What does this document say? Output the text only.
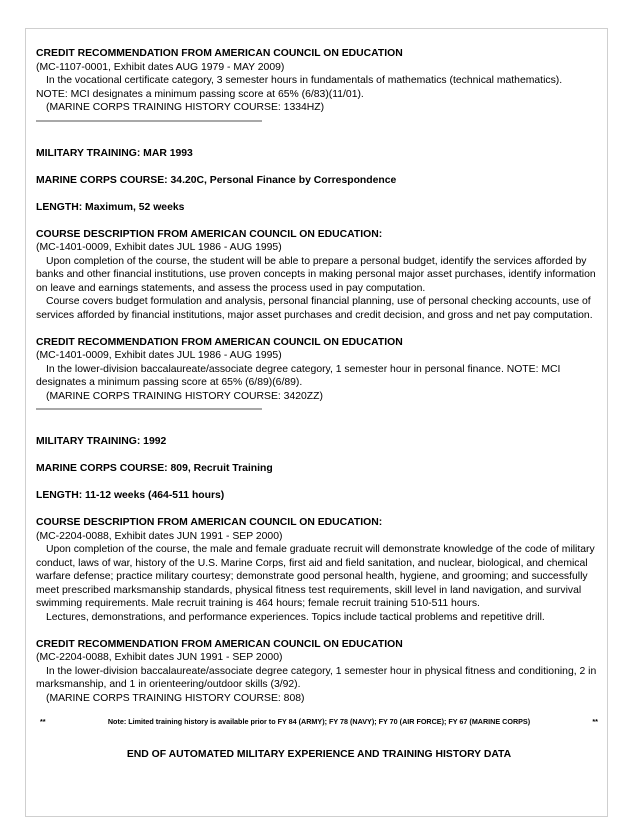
CREDIT RECOMMENDATION FROM AMERICAN COUNCIL ON EDUCATION
(MC-1107-0001, Exhibit dates AUG 1979 - MAY 2009)
In the vocational certificate category, 3 semester hours in fundamentals of mathematics (technical mathematics).
NOTE: MCI designates a minimum passing score at 65% (6/83)(11/01).
(MARINE CORPS TRAINING HISTORY COURSE: 1334HZ)
MILITARY TRAINING: MAR 1993
MARINE CORPS COURSE: 34.20C, Personal Finance by Correspondence
LENGTH: Maximum, 52 weeks
COURSE DESCRIPTION FROM AMERICAN COUNCIL ON EDUCATION:
(MC-1401-0009, Exhibit dates JUL 1986 - AUG 1995)
Upon completion of the course, the student will be able to prepare a personal budget, identify the services afforded by banks and other financial institutions, use proven concepts in making personal major asset purchases, identify information on leave and earnings statements, and assess the process used in pay computation.
Course covers budget formulation and analysis, personal financial planning, use of personal checking accounts, use of services afforded by financial institutions, major asset purchases and credit decision, and gross and net pay computation.
CREDIT RECOMMENDATION FROM AMERICAN COUNCIL ON EDUCATION
(MC-1401-0009, Exhibit dates JUL 1986 - AUG 1995)
In the lower-division baccalaureate/associate degree category, 1 semester hour in personal finance. NOTE: MCI designates a minimum passing score at 65% (6/89)(6/89).
(MARINE CORPS TRAINING HISTORY COURSE: 3420ZZ)
MILITARY TRAINING: 1992
MARINE CORPS COURSE: 809, Recruit Training
LENGTH: 11-12 weeks (464-511 hours)
COURSE DESCRIPTION FROM AMERICAN COUNCIL ON EDUCATION:
(MC-2204-0088, Exhibit dates JUN 1991 - SEP 2000)
Upon completion of the course, the male and female graduate recruit will demonstrate knowledge of the code of military conduct, laws of war, history of the U.S. Marine Corps, first aid and field sanitation, and nuclear, biological, and chemical warfare defense; practice military courtesy; demonstrate good personal health, hygiene, and grooming; and successfully meet prescribed marksmanship standards, physical fitness test requirements, skill level in land navigation, and survival swimming requirements. Male recruit training is 464 hours; female recruit training 510-511 hours.
Lectures, demonstrations, and performance experiences. Topics include tactical problems and repetitive drill.
CREDIT RECOMMENDATION FROM AMERICAN COUNCIL ON EDUCATION
(MC-2204-0088, Exhibit dates JUN 1991 - SEP 2000)
In the lower-division baccalaureate/associate degree category, 1 semester hour in physical fitness and conditioning, 2 in marksmanship, and 1 in orienteering/outdoor skills (3/92).
(MARINE CORPS TRAINING HISTORY COURSE: 808)
**	Note: Limited training history is available prior to FY 84 (ARMY); FY 78 (NAVY); FY 70 (AIR FORCE); FY 67 (MARINE CORPS)	**
END OF AUTOMATED MILITARY EXPERIENCE AND TRAINING HISTORY DATA
